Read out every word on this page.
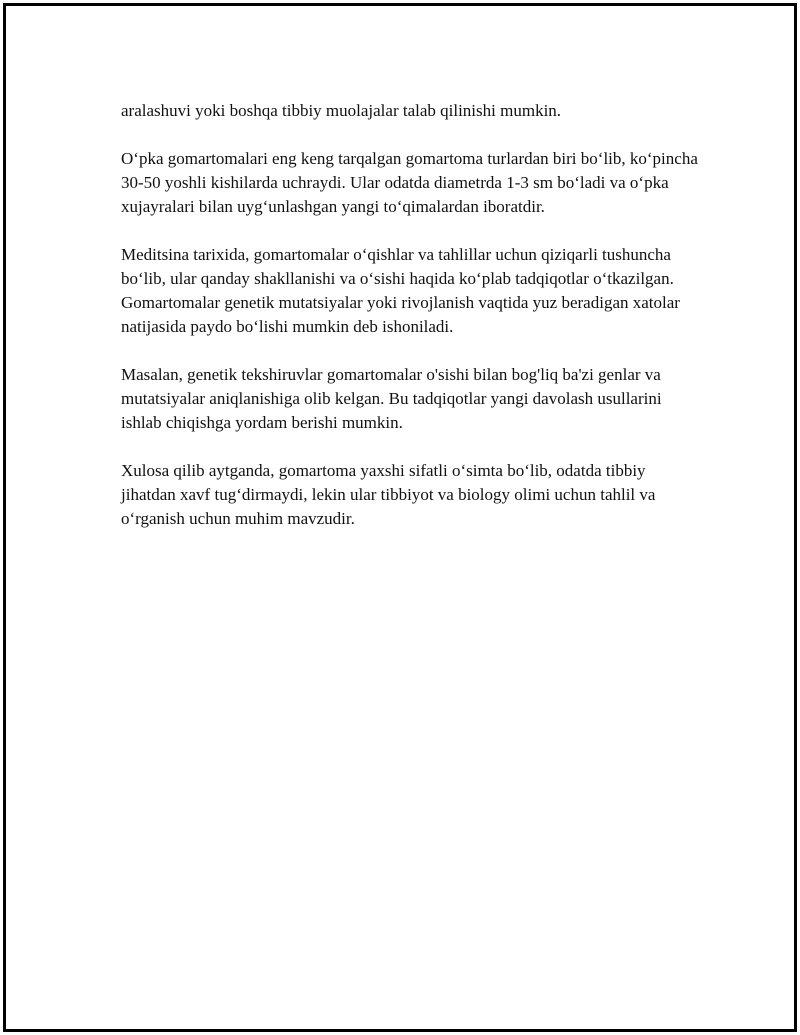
aralashuvi yoki boshqa tibbiy muolajalar talab qilinishi mumkin.

O‘pka gomartomalari eng keng tarqalgan gomartoma turlardan biri bo‘lib, ko‘pincha 30-50 yoshli kishilarda uchraydi. Ular odatda diametrda 1-3 sm bo‘ladi va o‘pka xujayralari bilan uyg‘unlashgan yangi to‘qimalardan iboratdir.

Meditsina tarixida, gomartomalar o‘qishlar va tahlillar uchun qiziqarli tushuncha bo‘lib, ular qanday shakllanishi va o‘sishi haqida ko‘plab tadqiqotlar o‘tkazilgan. Gomartomalar genetik mutatsiyalar yoki rivojlanish vaqtida yuz beradigan xatolar natijasida paydo bo‘lishi mumkin deb ishoniladi.

Masalan, genetik tekshiruvlar gomartomalar o'sishi bilan bog'liq ba'zi genlar va mutatsiyalar aniqlanishiga olib kelgan. Bu tadqiqotlar yangi davolash usullarini ishlab chiqishga yordam berishi mumkin.

Xulosa qilib aytganda, gomartoma yaxshi sifatli o‘simta bo‘lib, odatda tibbiy jihatdan xavf tug‘dirmaydi, lekin ular tibbiyot va biology olimi uchun tahlil va o‘rganish uchun muhim mavzudir.
